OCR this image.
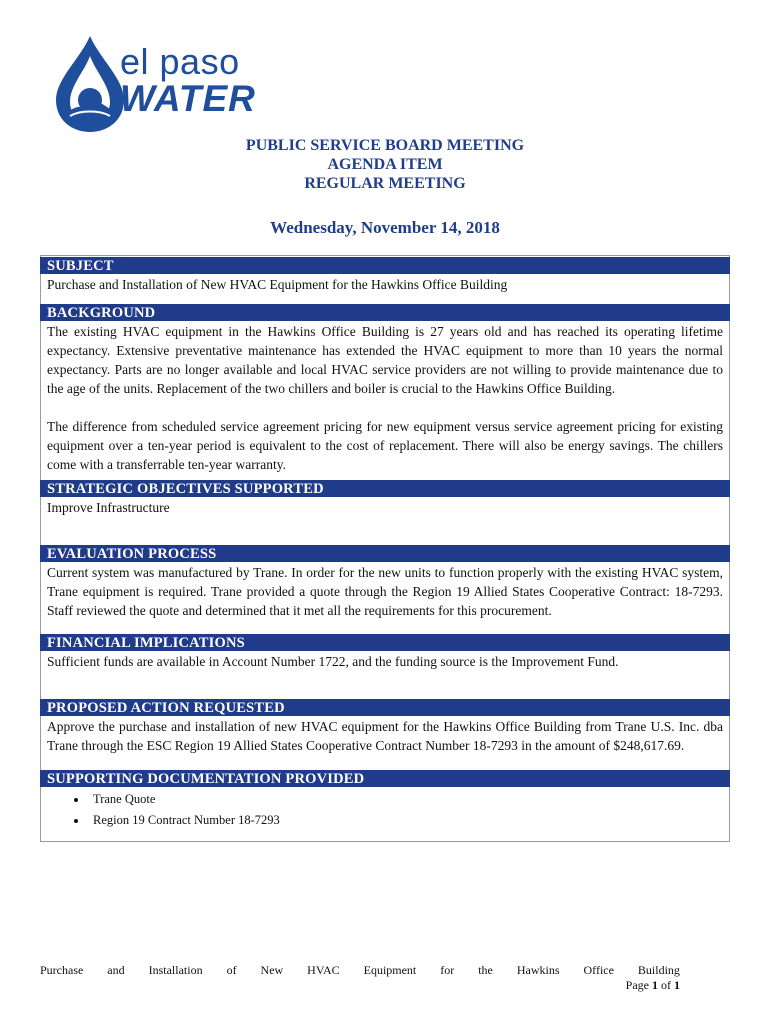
el paso
WATER
PUBLIC SERVICE BOARD MEETING
AGENDA ITEM
REGULAR MEETING
Wednesday, November 14, 2018
SUBJECT
Purchase and Installation of New HVAC Equipment for the Hawkins Office Building
BACKGROUND

The existing HVAC equipment in the Hawkins Office Building is 27 years old and has reached its operating lifetime expectancy. Extensive preventative maintenance has extended the HVAC equipment to more than 10 years the normal expectancy. Parts are no longer available and local HVAC service providers are not willing to provide maintenance due to the age of the units. Replacement of the two chillers and boiler is crucial to the Hawkins Office Building.

The difference from scheduled service agreement pricing for new equipment versus service agreement pricing for existing equipment over a ten-year period is equivalent to the cost of replacement. There will also be energy savings. The chillers come with a transferrable ten-year warranty.

STRATEGIC OBJECTIVES SUPPORTED
Improve Infrastructure
EVALUATION PROCESS
Current system was manufactured by Trane. In order for the new units to function properly with the existing HVAC system, Trane equipment is required. Trane provided a quote through the Region 19 Allied States Cooperative Contract: 18-7293. Staff reviewed the quote and determined that it met all the requirements for this procurement.
FINANCIAL IMPLICATIONS
Sufficient funds are available in Account Number 1722, and the funding source is the Improvement Fund.
PROPOSED ACTION REQUESTED
Approve the purchase and installation of new HVAC equipment for the Hawkins Office Building from Trane U.S. Inc. dba Trane through the ESC Region 19 Allied States Cooperative Contract Number 18-7293 in the amount of $248,617.69.
SUPPORTING DOCUMENTATION PROVIDED
• Trane Quote
• Region 19 Contract Number 18-7293
Purchase and Installation of New HVAC Equipment for the Hawkins Office Building
Page 1 of 1
